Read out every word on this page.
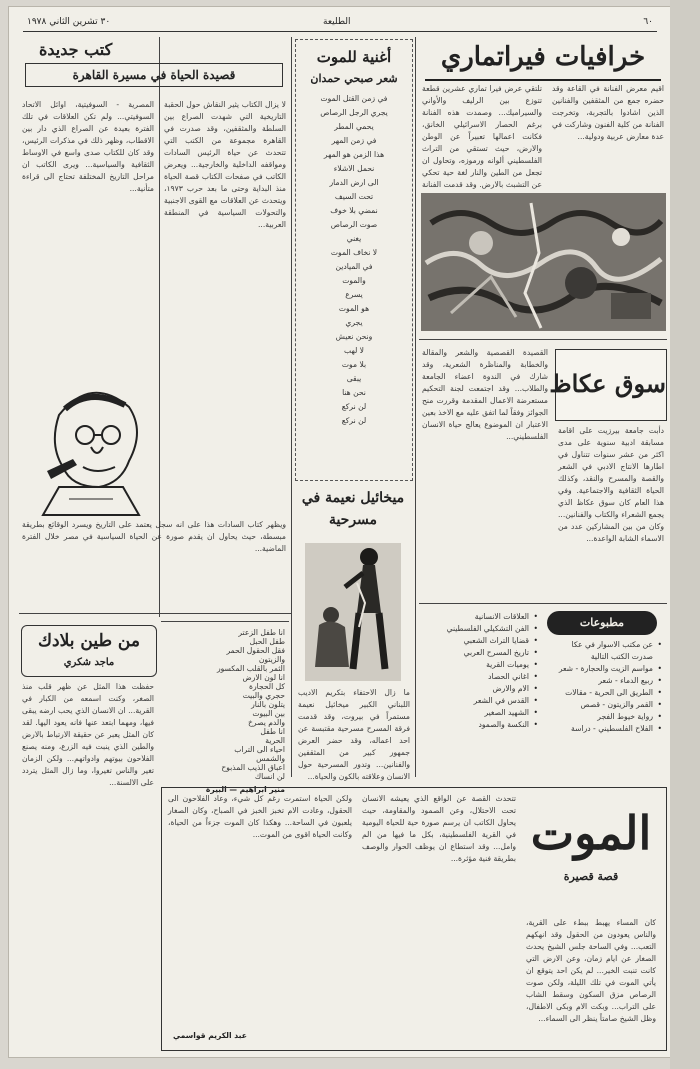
٦٠
الطليعة
٣٠ تشرين الثاني ١٩٧٨
خرافيات فيراتماري

اقيم معرض الفنانة في القاعة وقد حضره جمع من المثقفين والفنانين الذين اشادوا بالتجربة، وتخرجت الفنانة من كلية الفنون وشاركت في عدة معارض عربية ودولية...

تلتقي عرض فيرا تماري عشرين قطعة تتوزع بين الرليف والأواني والسيراميك... وصمدت هذه الفنانة برغم الحصار الاسرائيلي الخانق، فكانت اعمالها تعبيراً عن الوطن والارض، حيث تستقي من التراث الفلسطيني ألوانه ورموزه، وتحاول ان تجعل من الطين والنار لغة حية تحكي عن التشبث بالارض. وقد قدمت الفنانة

سوق عكاظ

القصيدة القصصية والشعر والمقالة والخطابة والمناظرة الشعرية، وقد شارك في الندوة اعضاء الجامعة والطلاب... وقد اجتمعت لجنة التحكيم مستعرضة الاعمال المقدمة وقررت منح الجوائز وفقاً لما اتفق عليه مع الاخذ بعين الاعتبار ان الموضوع يعالج حياة الانسان الفلسطيني...

دأبت جامعة بيرزيت على اقامة مسابقة ادبية سنوية على مدى اكثر من عشر سنوات تتناول في اطارها الانتاج الادبي في الشعر والقصة والمسرح والنقد، وكذلك الحياة الثقافية والاجتماعية. وفي هذا العام كان سوق عكاظ الذي يجمع الشعراء والكتاب والفنانين... وكان من بين المشاركين عدد من الاسماء الشابة الواعدة...

مطبوعات
• عن مكتب الاسوار في عكا صدرت الكتب التالية
• مواسم الزيت والحجارة - شعر
• ربيع الدماء - شعر
• الطريق الى الحرية - مقالات
• القمر والزيتون - قصص
• رواية خيوط الفجر
• الفلاح الفلسطيني - دراسة
• العلاقات الانسانية
• الفن التشكيلي الفلسطيني
• قضايا التراث الشعبي
• تاريخ المسرح العربي
• يوميات القرية
• اغاني الحصاد
• الام والارض
• القدس في الشعر
• الشهيد الصغير
• النكسة والصمود
أغنية للموت
شعر صبحي حمدان
في زمن القتل الموت
يجري الرجل الرصاص
يحمي المطر
في زمن المهر
هذا الزمن هو المهر
نحمل الاشلاء
الى ارض الدمار
تحت السيف
نمضي بلا خوف
صوت الرصاص
يغني
لا نخاف الموت
في الميادين
والموت
يسرع
هو الموت
يجري
ونحن نعيش
لا لهب
بلا موت
يبقى
نحن هنا
لن نركع
لن نركع
ميخائيل نعيمة في مسرحية

ما زال الاحتفاء بتكريم الاديب اللبناني الكبير ميخائيل نعيمة مستمراً في بيروت، وقد قدمت فرقة المسرح مسرحية مقتبسة عن احد اعماله، وقد حضر العرض جمهور كبير من المثقفين والفنانين... وتدور المسرحية حول الانسان وعلاقته بالكون والحياة...

كتب جديدة
قصيدة الحياة في مسيرة القاهرة

لا يزال الكتاب يثير النقاش حول الحقبة التاريخية التي شهدت الصراع بين السلطة والمثقفين، وقد صدرت في القاهرة مجموعة من الكتب التي تتحدث عن حياة الرئيس السادات ومواقفه الداخلية والخارجية... ويعرض الكاتب في صفحات الكتاب قصة الحياة منذ البداية وحتى ما بعد حرب ١٩٧٣، ويتحدث عن العلاقات مع القوى الاجنبية والتحولات السياسية في المنطقة العربية...

المصرية - السوفيتية، اوائل الاتحاد السوفيتي... ولم تكن العلاقات في تلك الفترة بعيدة عن الصراع الذي دار بين الاقطاب، وظهر ذلك في مذكرات الرئيس، وقد كان للكتاب صدى واسع في الاوساط الثقافية والسياسية... ويرى الكاتب ان مراحل التاريخ المختلفة تحتاج الى قراءة متأنية...

ويظهر كتاب السادات هذا على انه سجل يعتمد على التاريخ ويسرد الوقائع بطريقة مبسطة، حيث يحاول ان يقدم صورة عن الحياة السياسية في مصر خلال الفترة الماضية...

من طين بلادك
ماجد شكري

حفظت هذا المثل عن ظهر قلب منذ الصغر، وكنت اسمعه من الكبار في القرية... ان الانسان الذي يحب ارضه يبقى فيها، ومهما ابتعد عنها فانه يعود اليها. لقد كان المثل يعبر عن حقيقة الارتباط بالارض والطين الذي ينبت فيه الزرع، ومنه يصنع الفلاحون بيوتهم وادواتهم... ولكن الزمان تغير والناس تغيروا، وما زال المثل يتردد على الالسنة...

انا طفل الزعتر
طفل الحبل
فقل الحقول الحمر
والزيتون
الثمر بالقلب المكسور
انا لون الارض
كل الحجارة
حجري والبيت
يتلون بالنار
بين البيوت
والدم يصرخ
انا طفل
الحرية
احياء الى التراب
والشمس
اعباق الذيب المذبوح
لن انساك
منير ابراهيم — البيرة
الموت
قصة قصيرة

كان المساء يهبط ببطء على القرية، والناس يعودون من الحقول وقد انهكهم التعب... وفي الساحة جلس الشيخ يحدث الصغار عن ايام زمان، وعن الارض التي كانت تنبت الخير... لم يكن احد يتوقع ان يأتي الموت في تلك الليلة، ولكن صوت الرصاص مزق السكون وسقط الشاب على التراب... وبكت الام وبكى الاطفال، وظل الشيخ صامتاً ينظر الى السماء...

تتحدث القصة عن الواقع الذي يعيشه الانسان تحت الاحتلال، وعن الصمود والمقاومة، حيث يحاول الكاتب ان يرسم صورة حية للحياة اليومية في القرية الفلسطينية، بكل ما فيها من الم وامل... وقد استطاع ان يوظف الحوار والوصف بطريقة فنية مؤثرة...

ولكن الحياة استمرت رغم كل شيء، وعاد الفلاحون الى الحقول، وعادت الام تخبز الخبز في الصباح، وكان الصغار يلعبون في الساحة... وهكذا كان الموت جزءاً من الحياة، وكانت الحياة اقوى من الموت...

عبد الكريم قواسمي
